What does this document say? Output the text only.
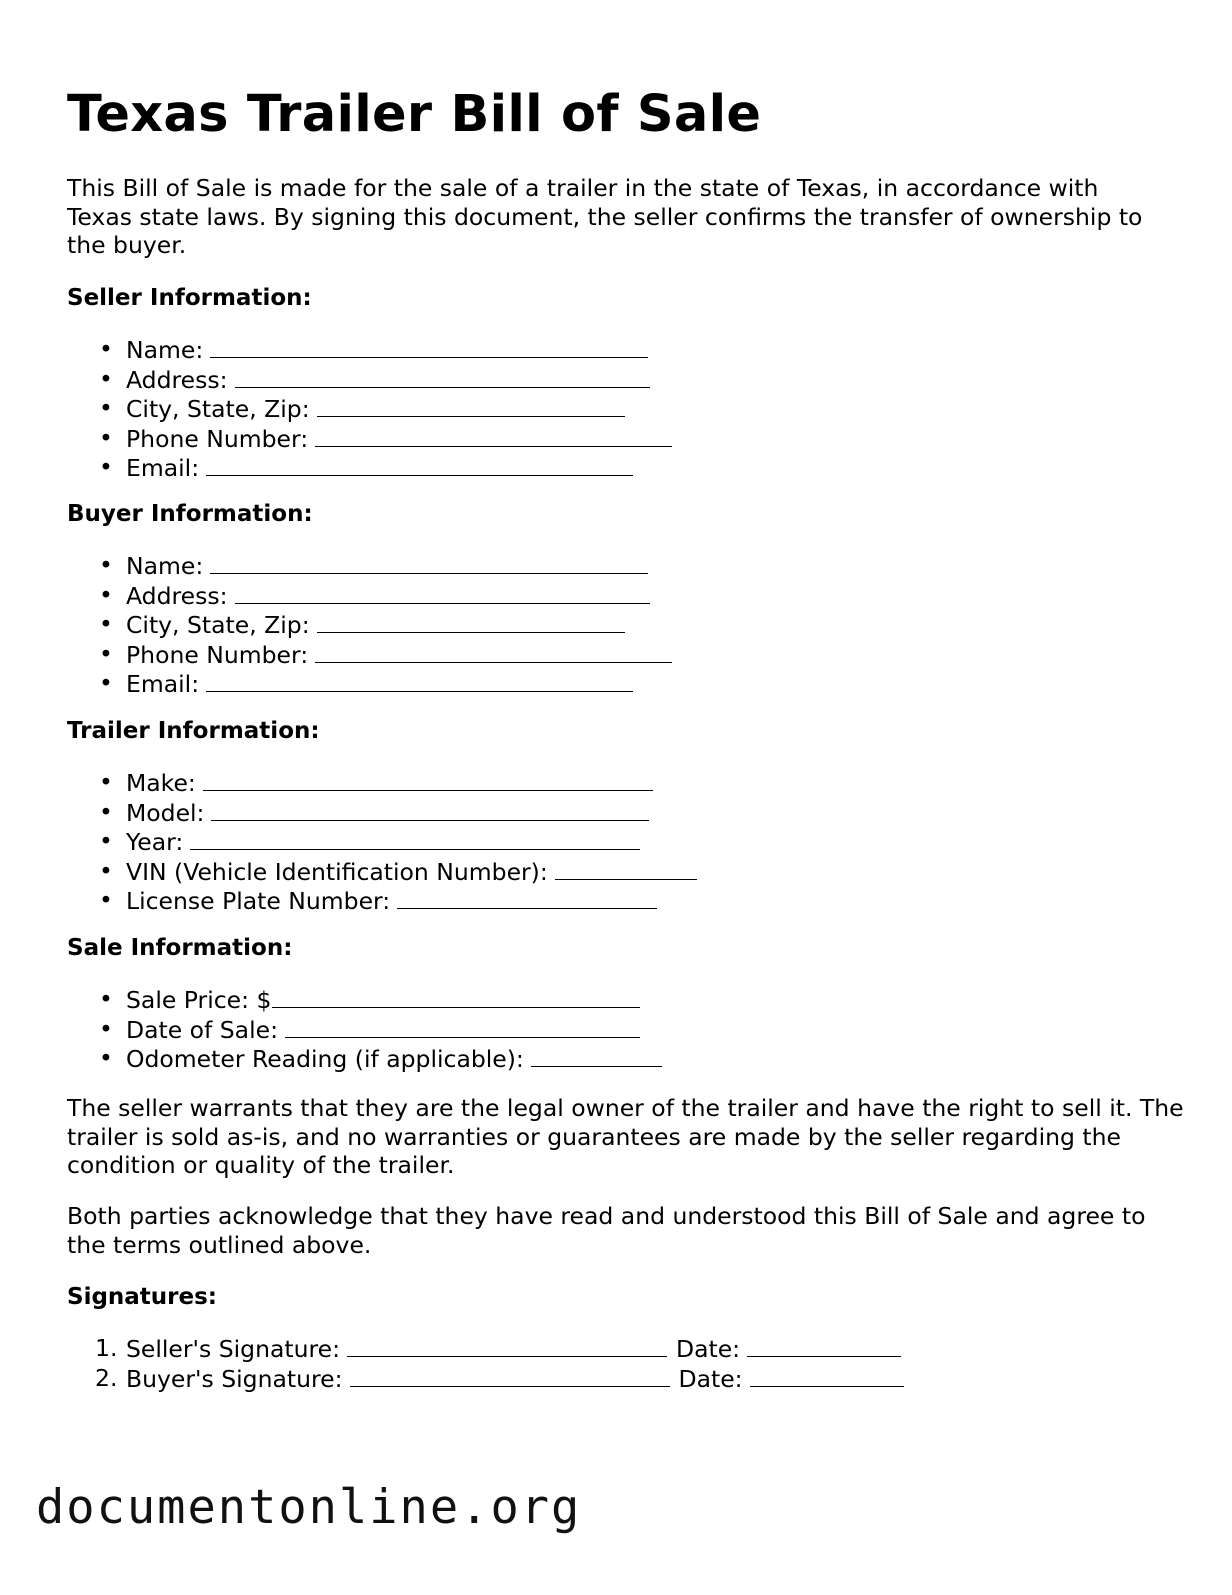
Texas Trailer Bill of Sale

This Bill of Sale is made for the sale of a trailer in the state of Texas, in accordance with Texas state laws. By signing this document, the seller confirms the transfer of ownership to the buyer.

Seller Information:

• Name:
• Address:
• City, State, Zip:
• Phone Number:
• Email:

Buyer Information:

• Name:
• Address:
• City, State, Zip:
• Phone Number:
• Email:

Trailer Information:

• Make:
• Model:
• Year:
• VIN (Vehicle Identification Number):
• License Plate Number:

Sale Information:

• Sale Price: $
• Date of Sale:
• Odometer Reading (if applicable):

The seller warrants that they are the legal owner of the trailer and have the right to sell it. The trailer is sold as-is, and no warranties or guarantees are made by the seller regarding the condition or quality of the trailer.

Both parties acknowledge that they have read and understood this Bill of Sale and agree to the terms outlined above.

Signatures:

1. Seller's Signature:	Date:
2. Buyer's Signature:	Date:

documentonline.org
